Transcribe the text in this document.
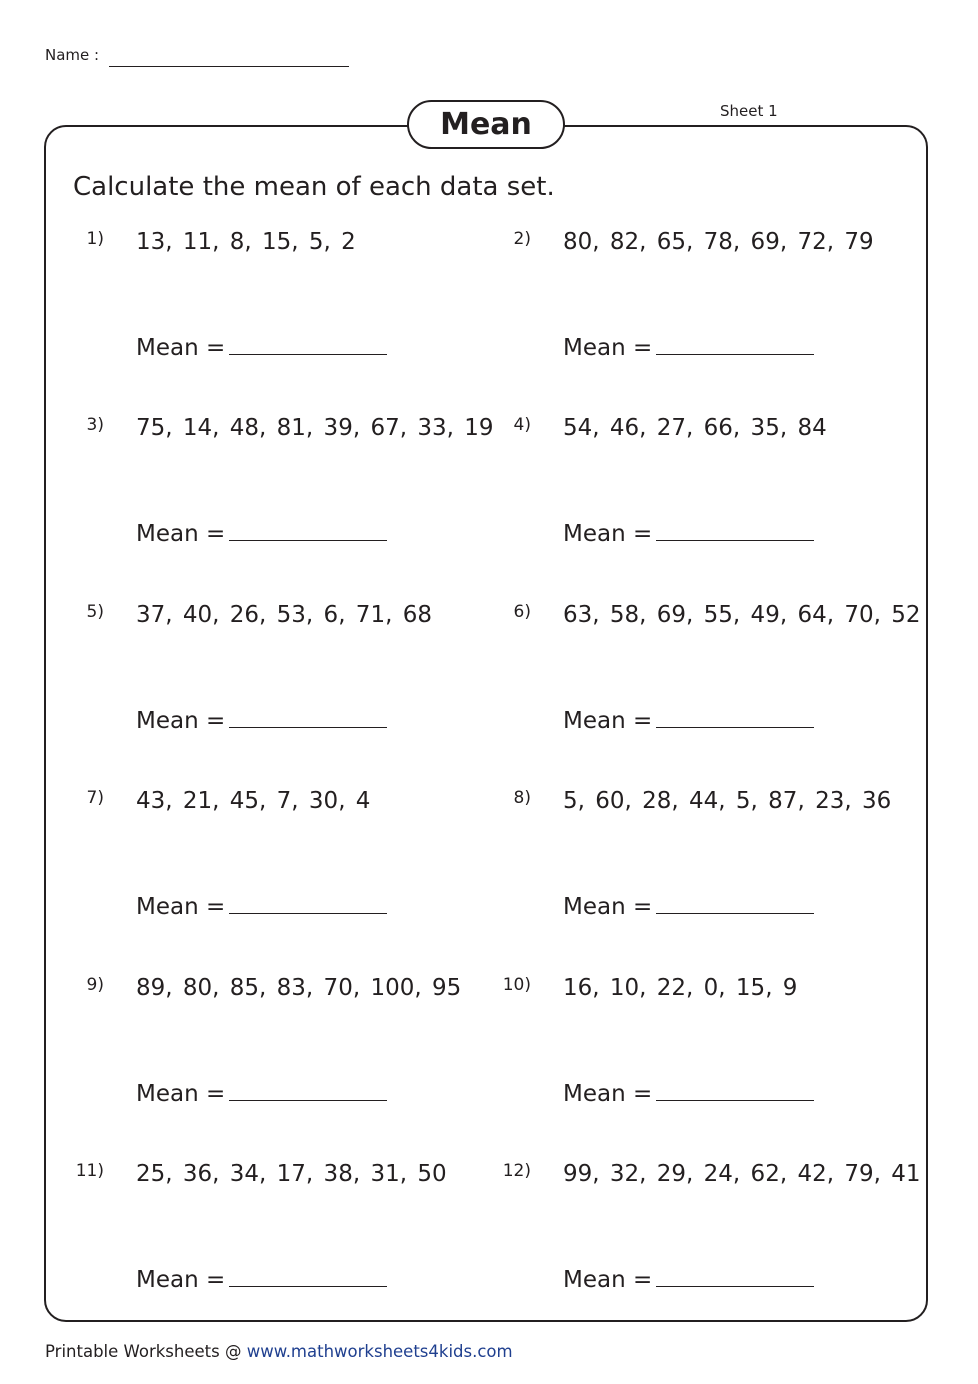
Name :
Mean	Sheet 1
Calculate the mean of each data set.
1) 13, 11, 8, 15, 5, 2
Mean =
2) 80, 82, 65, 78, 69, 72, 79
Mean =
3) 75, 14, 48, 81, 39, 67, 33, 19
Mean =
4) 54, 46, 27, 66, 35, 84
Mean =
5) 37, 40, 26, 53, 6, 71, 68
Mean =
6) 63, 58, 69, 55, 49, 64, 70, 52
Mean =
7) 43, 21, 45, 7, 30, 4
Mean =
8) 5, 60, 28, 44, 5, 87, 23, 36
Mean =
9) 89, 80, 85, 83, 70, 100, 95
Mean =
10) 16, 10, 22, 0, 15, 9
Mean =
11) 25, 36, 34, 17, 38, 31, 50
Mean =
12) 99, 32, 29, 24, 62, 42, 79, 41
Mean =
Printable Worksheets @ www.mathworksheets4kids.com
